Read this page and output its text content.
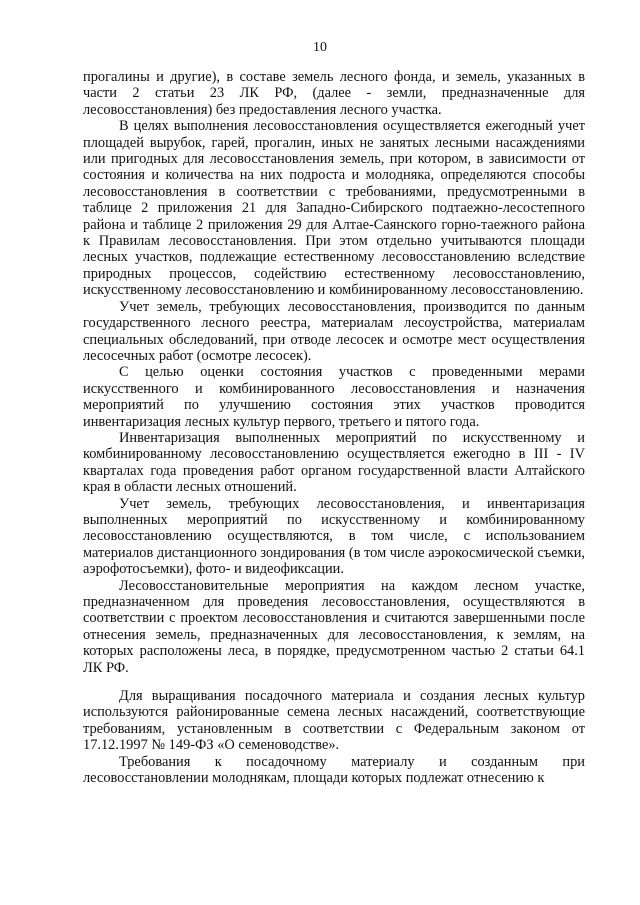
10

прогалины и другие), в составе земель лесного фонда, и земель, указанных в части 2 статьи 23 ЛК РФ, (далее - земли, предназначенные для лесовосстановления) без предоставления лесного участка.

В целях выполнения лесовосстановления осуществляется ежегодный учет площадей вырубок, гарей, прогалин, иных не занятых лесными насаждениями или пригодных для лесовосстановления земель, при котором, в зависимости от состояния и количества на них подроста и молодняка, определяются способы лесовосстановления в соответствии с требованиями, предусмотренными в таблице 2 приложения 21 для Западно-Сибирского подтаежно-лесостепного района и таблице 2 приложения 29 для Алтае-Саянского горно-таежного района к Правилам лесовосстановления. При этом отдельно учитываются площади лесных участков, подлежащие естественному лесовосстановлению вследствие природных процессов, содействию естественному лесовосстановлению, искусственному лесовосстановлению и комбинированному лесовосстановлению.

Учет земель, требующих лесовосстановления, производится по данным государственного лесного реестра, материалам лесоустройства, материалам специальных обследований, при отводе лесосек и осмотре мест осуществления лесосечных работ (осмотре лесосек).

С целью оценки состояния участков с проведенными мерами искусственного и комбинированного лесовосстановления и назначения мероприятий по улучшению состояния этих участков проводится инвентаризация лесных культур первого, третьего и пятого года.

Инвентаризация выполненных мероприятий по искусственному и комбинированному лесовосстановлению осуществляется ежегодно в III - IV кварталах года проведения работ органом государственной власти Алтайского края в области лесных отношений.

Учет земель, требующих лесовосстановления, и инвентаризация выполненных мероприятий по искусственному и комбинированному лесовосстановлению осуществляются, в том числе, с использованием материалов дистанционного зондирования (в том числе аэрокосмической съемки, аэрофотосъемки), фото- и видеофиксации.

Лесовосстановительные мероприятия на каждом лесном участке, предназначенном для проведения лесовосстановления, осуществляются в соответствии с проектом лесовосстановления и считаются завершенными после отнесения земель, предназначенных для лесовосстановления, к землям, на которых расположены леса, в порядке, предусмотренном частью 2 статьи 64.1 ЛК РФ.

Для выращивания посадочного материала и создания лесных культур используются районированные семена лесных насаждений, соответствующие требованиям, установленным в соответствии с Федеральным законом от 17.12.1997 № 149-ФЗ «О семеноводстве».

Требования к посадочному материалу и созданным при лесовосстановлении молоднякам, площади которых подлежат отнесению к
